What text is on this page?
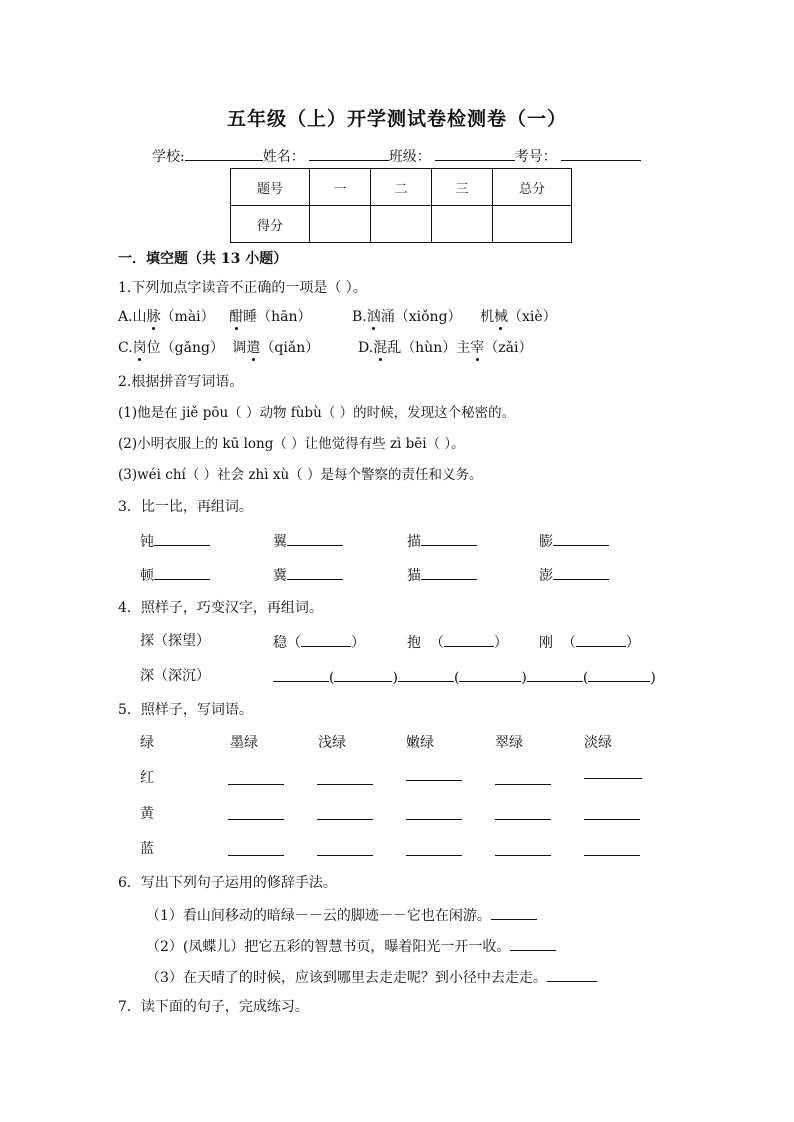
五年级（上）开学测试卷检测卷（一）
学校:	姓名：	班级：	考号：
题号	一	二	三	总分
得分				
一．填空题（共 13 小题）
1.下列加点字读音不正确的一项是（ ）。
A.山脉（mài） 酣睡（hān）	B.汹涌（xiǒng） 机械（xiè）
C.岗位（gǎng） 调遣（qiǎn）	D.混乱（hùn）主宰（zǎi）
2.根据拼音写词语。
(1)他是在 jiě pōu（ ）动物 fùbù（ ）的时候，发现这个秘密的。
(2)小明衣服上的 kū long（ ）让他觉得有些 zì bēi（ ）。
(3)wéi chí（ ）社会 zhì xù（ ）是每个警察的责任和义务。
3．比一比，再组词。
钝	翼	描	膨
顿	冀	猫	澎
4．照样子，巧变汉字，再组词。
探（探望）	稳（	）	抱  （	） 刚  （	）
深（深沉）	(	)	(	)	(	)
5．照样子，写词语。
绿	墨绿	浅绿	嫩绿	翠绿	淡绿
红
黄
蓝
6．写出下列句子运用的修辞手法。
（1）看山间移动的暗绿－－云的脚迹－－它也在闲游。
（2）(凤蝶儿）把它五彩的智慧书页，曝着阳光一开一收。
（3）在天晴了的时候，应该到哪里去走走呢？到小径中去走走。
7．读下面的句子，完成练习。
